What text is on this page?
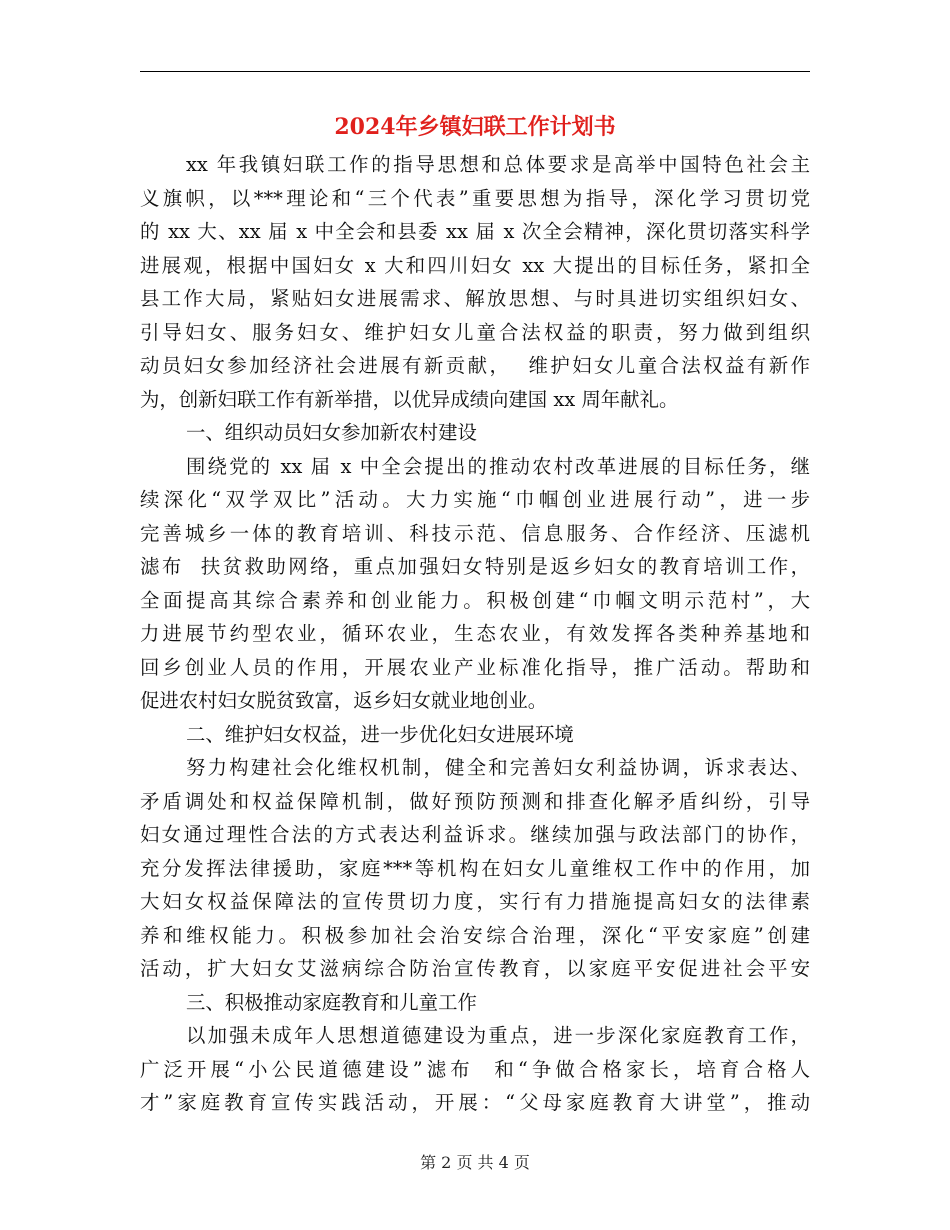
2024年乡镇妇联工作计划书
xx 年我镇妇联工作的指导思想和总体要求是高举中国特色社会主
义旗帜，以***理论和“三个代表”重要思想为指导，深化学习贯切党
的 xx 大、xx 届 x 中全会和县委 xx 届 x 次全会精神，深化贯切落实科学
进展观，根据中国妇女 x 大和四川妇女 xx 大提出的目标任务，紧扣全
县工作大局，紧贴妇女进展需求、解放思想、与时具进切实组织妇女、
引导妇女、服务妇女、维护妇女儿童合法权益的职责，努力做到组织
动员妇女参加经济社会进展有新贡献，  维护妇女儿童合法权益有新作
为，创新妇联工作有新举措，以优异成绩向建国 xx 周年献礼。
一、组织动员妇女参加新农村建设
围绕党的 xx 届 x 中全会提出的推动农村改革进展的目标任务，继
续深化“双学双比”活动。大力实施“巾帼创业进展行动”，进一步
完善城乡一体的教育培训、科技示范、信息服务、合作经济、压滤机
滤布  扶贫救助网络，重点加强妇女特别是返乡妇女的教育培训工作，
全面提高其综合素养和创业能力。积极创建“巾帼文明示范村”，大
力进展节约型农业，循环农业，生态农业，有效发挥各类种养基地和
回乡创业人员的作用，开展农业产业标准化指导，推广活动。帮助和
促进农村妇女脱贫致富，返乡妇女就业地创业。
二、维护妇女权益，进一步优化妇女进展环境
努力构建社会化维权机制，健全和完善妇女利益协调，诉求表达、
矛盾调处和权益保障机制，做好预防预测和排查化解矛盾纠纷，引导
妇女通过理性合法的方式表达利益诉求。继续加强与政法部门的协作，
充分发挥法律援助，家庭***等机构在妇女儿童维权工作中的作用，加
大妇女权益保障法的宣传贯切力度，实行有力措施提高妇女的法律素
养和维权能力。积极参加社会治安综合治理，深化“平安家庭”创建
活动，扩大妇女艾滋病综合防治宣传教育，以家庭平安促进社会平安
三、积极推动家庭教育和儿童工作
以加强未成年人思想道德建设为重点，进一步深化家庭教育工作，
广泛开展“小公民道德建设”滤布  和“争做合格家长，培育合格人
才”家庭教育宣传实践活动，开展：“父母家庭教育大讲堂”，推动
第 2 页 共 4 页
